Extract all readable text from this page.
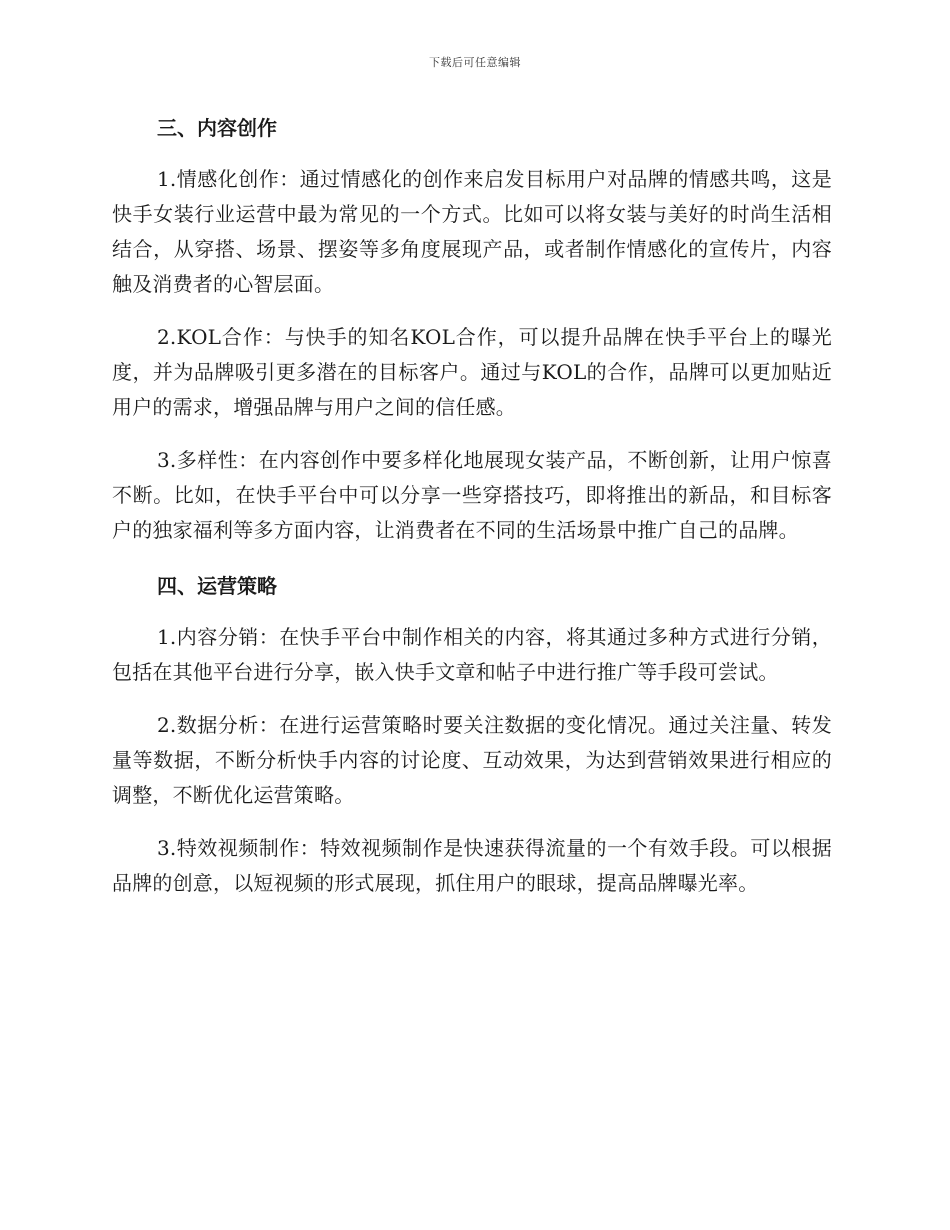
下载后可任意编辑
三、内容创作

1.情感化创作：通过情感化的创作来启发目标用户对品牌的情感共鸣，这是快手女装行业运营中最为常见的一个方式。比如可以将女装与美好的时尚生活相结合，从穿搭、场景、摆姿等多角度展现产品，或者制作情感化的宣传片，内容触及消费者的心智层面。

2.KOL合作：与快手的知名KOL合作，可以提升品牌在快手平台上的曝光度，并为品牌吸引更多潜在的目标客户。通过与KOL的合作，品牌可以更加贴近用户的需求，增强品牌与用户之间的信任感。

3.多样性：在内容创作中要多样化地展现女装产品，不断创新，让用户惊喜不断。比如，在快手平台中可以分享一些穿搭技巧，即将推出的新品，和目标客户的独家福利等多方面内容，让消费者在不同的生活场景中推广自己的品牌。

四、运营策略

1.内容分销：在快手平台中制作相关的内容，将其通过多种方式进行分销，包括在其他平台进行分享，嵌入快手文章和帖子中进行推广等手段可尝试。

2.数据分析：在进行运营策略时要关注数据的变化情况。通过关注量、转发量等数据，不断分析快手内容的讨论度、互动效果，为达到营销效果进行相应的调整，不断优化运营策略。

3.特效视频制作：特效视频制作是快速获得流量的一个有效手段。可以根据品牌的创意，以短视频的形式展现，抓住用户的眼球，提高品牌曝光率。
